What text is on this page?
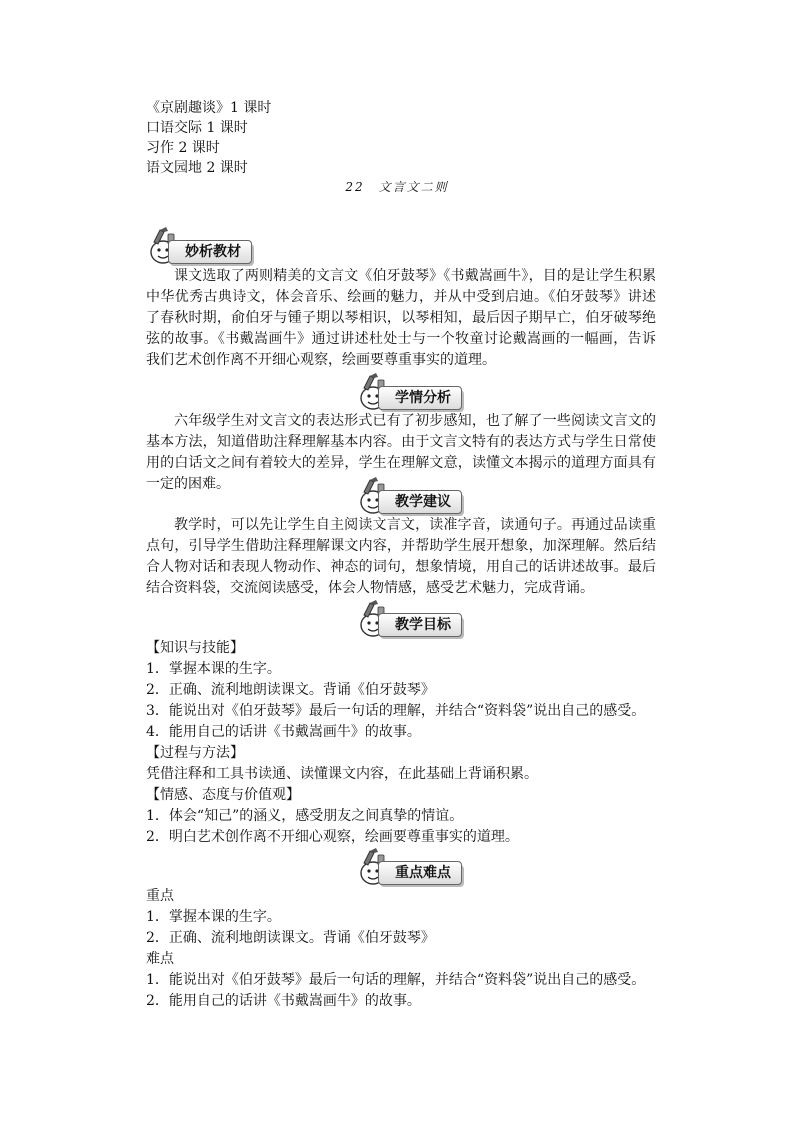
《京剧趣谈》1 课时
口语交际 1 课时
习作 2 课时
语文园地 2 课时
22　文言文二则
妙析教材
课文选取了两则精美的文言文《伯牙鼓琴》《书戴嵩画牛》，目的是让学生积累中华优秀古典诗文，体会音乐、绘画的魅力，并从中受到启迪。《伯牙鼓琴》讲述了春秋时期，俞伯牙与锺子期以琴相识，以琴相知，最后因子期早亡，伯牙破琴绝弦的故事。《书戴嵩画牛》通过讲述杜处士与一个牧童讨论戴嵩画的一幅画，告诉我们艺术创作离不开细心观察，绘画要尊重事实的道理。
学情分析
六年级学生对文言文的表达形式已有了初步感知，也了解了一些阅读文言文的基本方法，知道借助注释理解基本内容。由于文言文特有的表达方式与学生日常使用的白话文之间有着较大的差异，学生在理解文意，读懂文本揭示的道理方面具有一定的困难。
教学建议
教学时，可以先让学生自主阅读文言文，读准字音，读通句子。再通过品读重点句，引导学生借助注释理解课文内容，并帮助学生展开想象，加深理解。然后结合人物对话和表现人物动作、神态的词句，想象情境，用自己的话讲述故事。最后结合资料袋，交流阅读感受，体会人物情感，感受艺术魅力，完成背诵。
教学目标
【知识与技能】
1．掌握本课的生字。
2．正确、流利地朗读课文。背诵《伯牙鼓琴》
3．能说出对《伯牙鼓琴》最后一句话的理解，并结合“资料袋”说出自己的感受。
4．能用自己的话讲《书戴嵩画牛》的故事。
【过程与方法】
凭借注释和工具书读通、读懂课文内容，在此基础上背诵积累。
【情感、态度与价值观】
1．体会“知己”的涵义，感受朋友之间真挚的情谊。
2．明白艺术创作离不开细心观察，绘画要尊重事实的道理。
重点难点
重点
1．掌握本课的生字。
2．正确、流利地朗读课文。背诵《伯牙鼓琴》
难点
1．能说出对《伯牙鼓琴》最后一句话的理解，并结合“资料袋”说出自己的感受。
2．能用自己的话讲《书戴嵩画牛》的故事。
